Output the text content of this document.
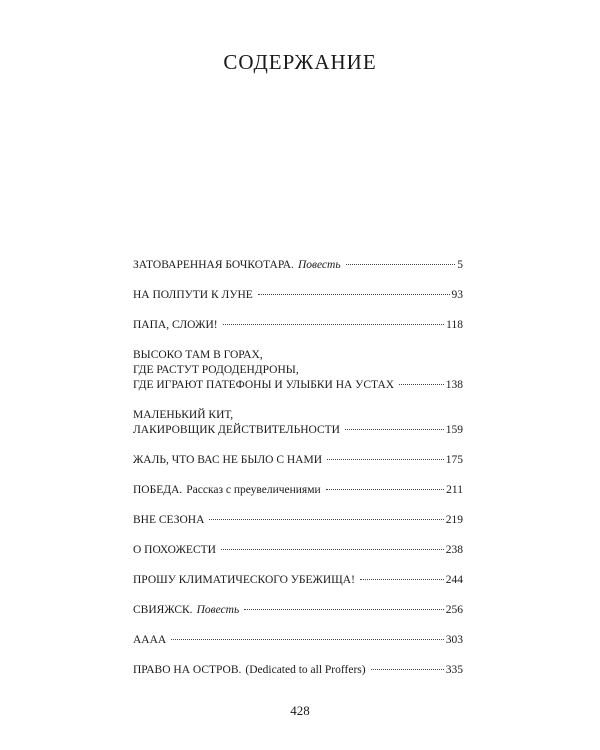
СОДЕРЖАНИЕ
ЗАТОВАРЕННАЯ БОЧКОТАРА. Повесть	5
НА ПОЛПУТИ К ЛУНЕ	93
ПАПА, СЛОЖИ!	118
ВЫСОКО ТАМ В ГОРАХ,
ГДЕ РАСТУТ РОДОДЕНДРОНЫ,
ГДЕ ИГРАЮТ ПАТЕФОНЫ И УЛЫБКИ НА УСТАХ	138
МАЛЕНЬКИЙ КИТ,
ЛАКИРОВЩИК ДЕЙСТВИТЕЛЬНОСТИ	159
ЖАЛЬ, ЧТО ВАС НЕ БЫЛО С НАМИ	175
ПОБЕДА. Рассказ с преувеличениями	211
ВНЕ СЕЗОНА	219
О ПОХОЖЕСТИ	238
ПРОШУ КЛИМАТИЧЕСКОГО УБЕЖИЩА!	244
СВИЯЖСК. Повесть	256
АААА	303
ПРАВО НА ОСТРОВ. (Dedicated to all Proffers)	335
428
